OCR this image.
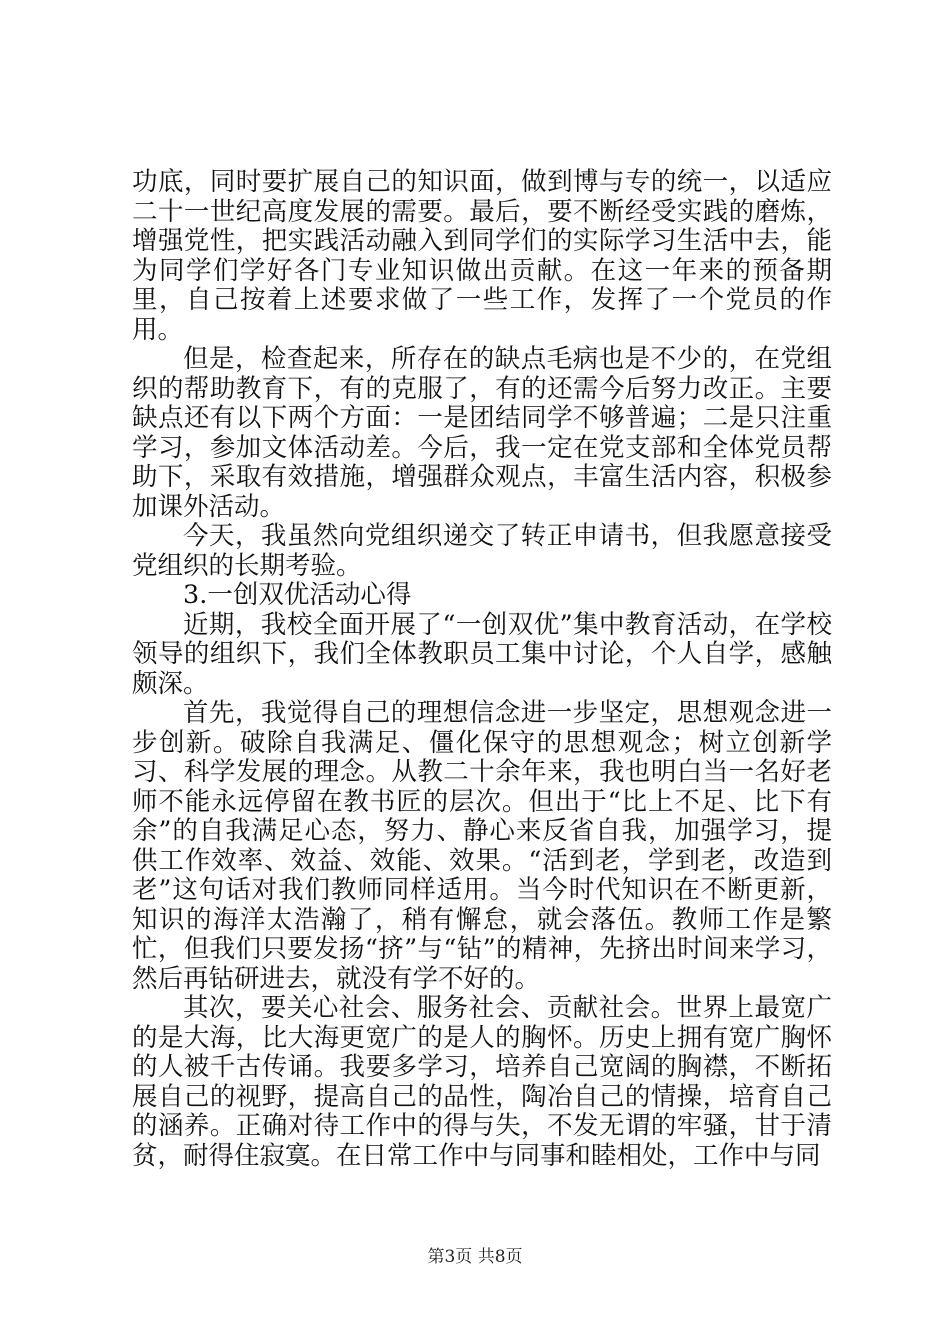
功底，同时要扩展自己的知识面，做到博与专的统一，以适应二十一世纪高度发展的需要。最后，要不断经受实践的磨炼，增强党性，把实践活动融入到同学们的实际学习生活中去，能为同学们学好各门专业知识做出贡献。在这一年来的预备期里，自己按着上述要求做了一些工作，发挥了一个党员的作用。

但是，检查起来，所存在的缺点毛病也是不少的，在党组织的帮助教育下，有的克服了，有的还需今后努力改正。主要缺点还有以下两个方面：一是团结同学不够普遍；二是只注重学习，参加文体活动差。今后，我一定在党支部和全体党员帮助下，采取有效措施，增强群众观点，丰富生活内容，积极参加课外活动。

今天，我虽然向党组织递交了转正申请书，但我愿意接受党组织的长期考验。

3.一创双优活动心得

近期，我校全面开展了“一创双优”集中教育活动，在学校领导的组织下，我们全体教职员工集中讨论，个人自学，感触颇深。

首先，我觉得自己的理想信念进一步坚定，思想观念进一步创新。破除自我满足、僵化保守的思想观念；树立创新学习、科学发展的理念。从教二十余年来，我也明白当一名好老师不能永远停留在教书匠的层次。但出于“比上不足、比下有余”的自我满足心态，努力、静心来反省自我，加强学习，提供工作效率、效益、效能、效果。“活到老，学到老，改造到老”这句话对我们教师同样适用。当今时代知识在不断更新，知识的海洋太浩瀚了，稍有懈怠，就会落伍。教师工作是繁忙，但我们只要发扬“挤”与“钻”的精神，先挤出时间来学习，然后再钻研进去，就没有学不好的。

其次，要关心社会、服务社会、贡献社会。世界上最宽广的是大海，比大海更宽广的是人的胸怀。历史上拥有宽广胸怀的人被千古传诵。我要多学习，培养自己宽阔的胸襟，不断拓展自己的视野，提高自己的品性，陶冶自己的情操，培育自己的涵养。正确对待工作中的得与失，不发无谓的牢骚，甘于清贫，耐得住寂寞。在日常工作中与同事和睦相处，工作中与同

第3页 共8页
